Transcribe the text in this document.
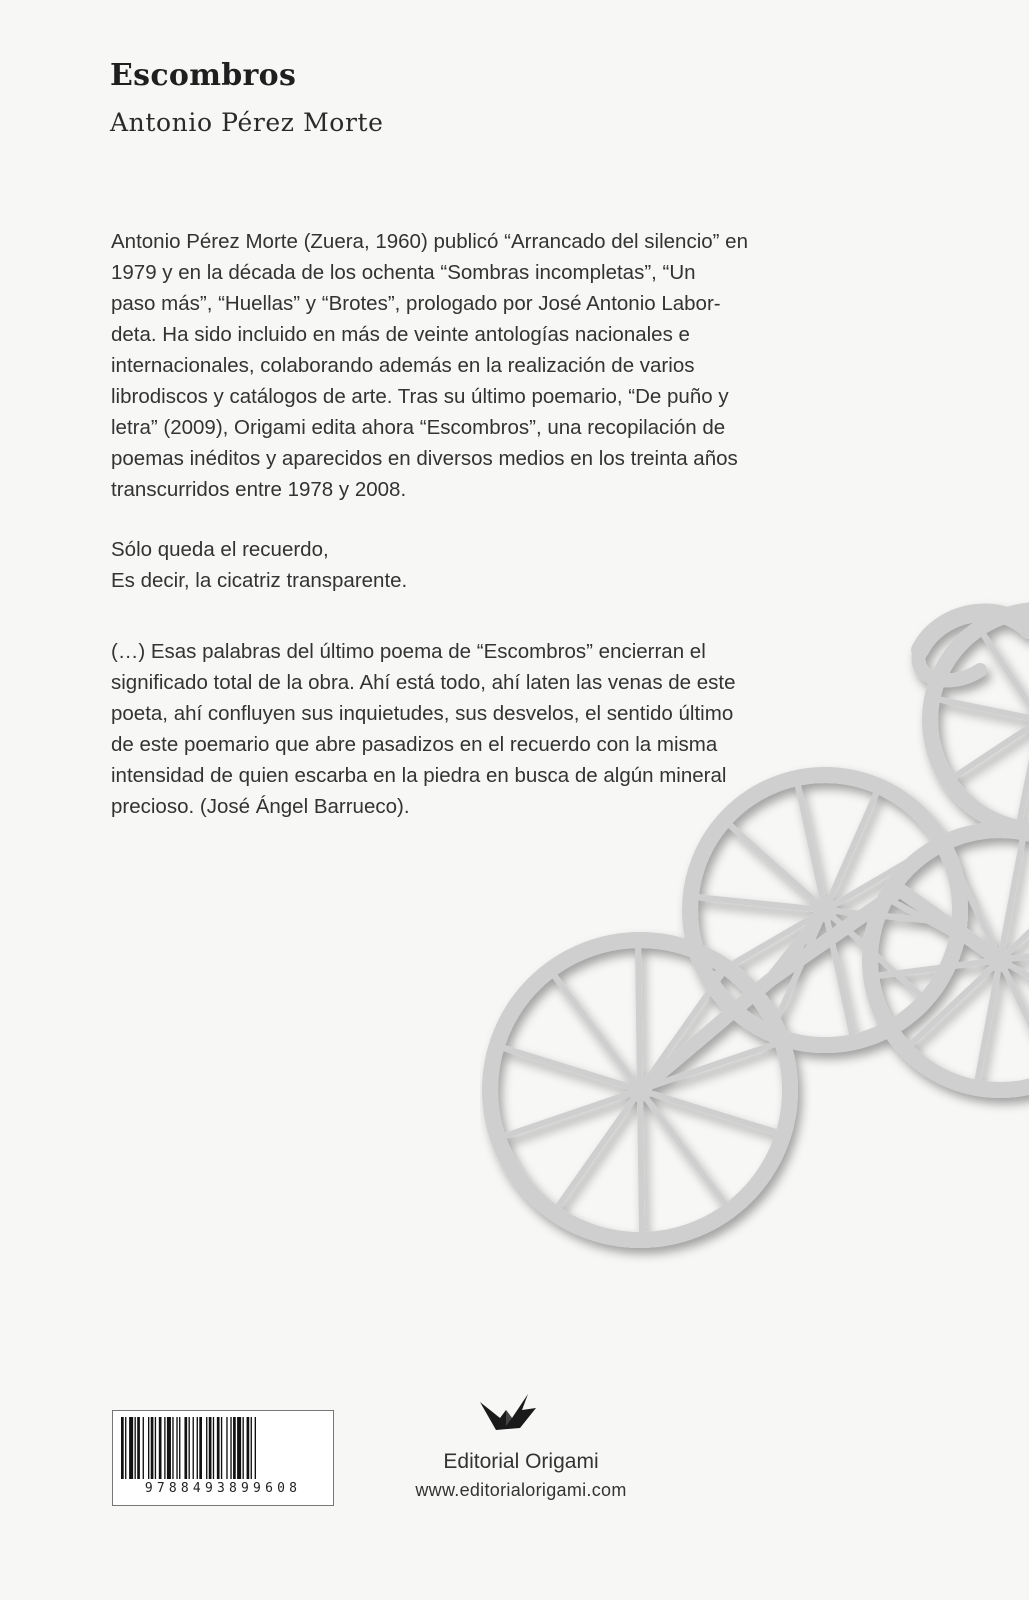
Escombros
Antonio Pérez Morte
Antonio Pérez Morte (Zuera, 1960) publicó “Arrancado del silencio” en
1979 y en la década de los ochenta “Sombras incompletas”, “Un
paso más”, “Huellas” y “Brotes”, prologado por José Antonio Labor-
deta. Ha sido incluido en más de veinte antologías nacionales e
internacionales, colaborando además en la realización de varios
librodiscos y catálogos de arte. Tras su último poemario, “De puño y
letra” (2009), Origami edita ahora “Escombros”, una recopilación de
poemas inéditos y aparecidos en diversos medios en los treinta años
transcurridos entre 1978 y 2008.
Sólo queda el recuerdo,
Es decir, la cicatriz transparente.
(…) Esas palabras del último poema de “Escombros” encierran el
significado total de la obra. Ahí está todo, ahí laten las venas de este
poeta, ahí confluyen sus inquietudes, sus desvelos, el sentido último
de este poemario que abre pasadizos en el recuerdo con la misma
intensidad de quien escarba en la piedra en busca de algún mineral
precioso. (José Ángel Barrueco).
9788493899608
Editorial Origami
www.editorialorigami.com
